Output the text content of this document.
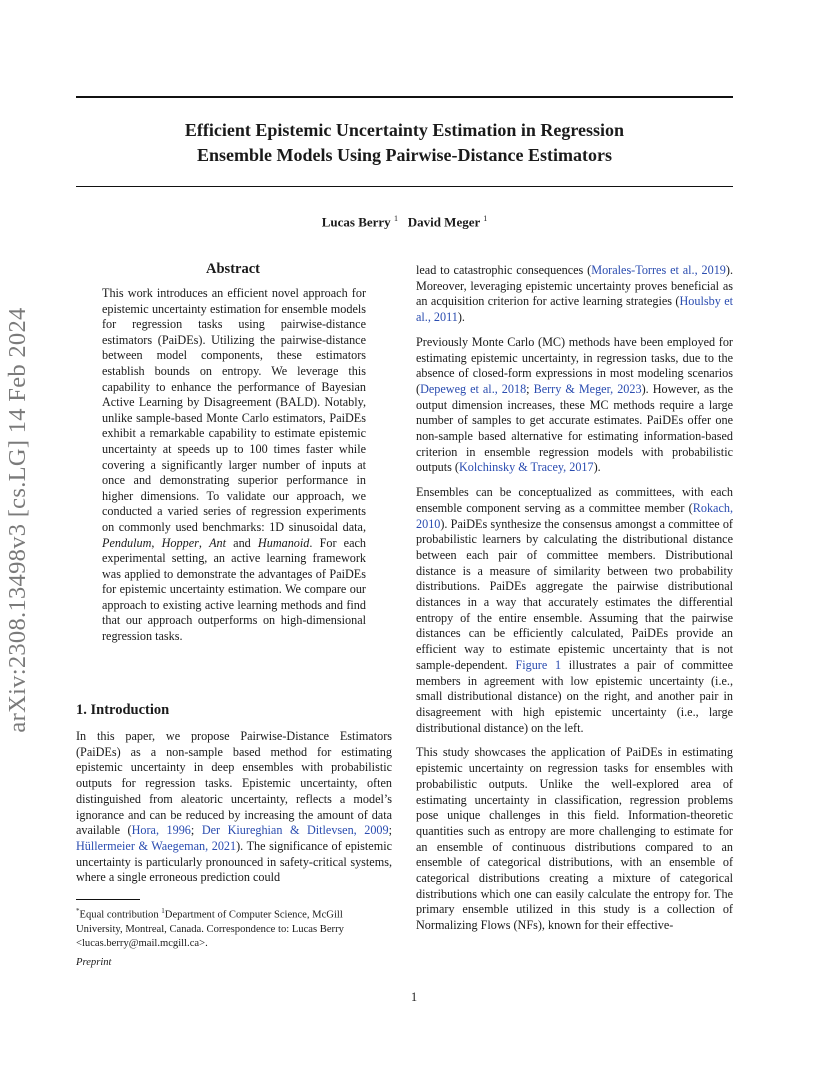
arXiv:2308.13498v3 [cs.LG] 14 Feb 2024
Efficient Epistemic Uncertainty Estimation in Regression
Ensemble Models Using Pairwise-Distance Estimators
Lucas Berry $^1$ David Meger $^1$
Abstract
This work introduces an efficient novel approach for epistemic uncertainty estimation for ensemble models for regression tasks using pairwise-distance estimators (PaiDEs). Utilizing the pairwise-distance between model components, these estimators establish bounds on entropy. We leverage this capability to enhance the performance of Bayesian Active Learning by Disagreement (BALD). Notably, unlike sample-based Monte Carlo estimators, PaiDEs exhibit a remarkable capability to estimate epistemic uncertainty at speeds up to 100 times faster while covering a significantly larger number of inputs at once and demonstrating superior performance in higher dimensions. To validate our approach, we conducted a varied series of regression experiments on commonly used benchmarks: 1D sinusoidal data, Pendulum, Hopper, Ant and Humanoid. For each experimental setting, an active learning framework was applied to demonstrate the advantages of PaiDEs for epistemic uncertainty estimation. We compare our approach to existing active learning methods and find that our approach outperforms on high-dimensional regression tasks.
1. Introduction
In this paper, we propose Pairwise-Distance Estimators (PaiDEs) as a non-sample based method for estimating epistemic uncertainty in deep ensembles with probabilistic outputs for regression tasks. Epistemic uncertainty, often distinguished from aleatoric uncertainty, reflects a model’s ignorance and can be reduced by increasing the amount of data available (Hora, 1996; Der Kiureghian & Ditlevsen, 2009; Hüllermeier & Waegeman, 2021). The significance of epistemic uncertainty is particularly pronounced in safety-critical systems, where a single erroneous prediction could
*Equal contribution $^1$Department of Computer Science, McGill University, Montreal, Canada. Correspondence to: Lucas Berry <lucas.berry@mail.mcgill.ca>.
Preprint

lead to catastrophic consequences (Morales-Torres et al., 2019). Moreover, leveraging epistemic uncertainty proves beneficial as an acquisition criterion for active learning strategies (Houlsby et al., 2011).

Previously Monte Carlo (MC) methods have been employed for estimating epistemic uncertainty, in regression tasks, due to the absence of closed-form expressions in most modeling scenarios (Depeweg et al., 2018; Berry & Meger, 2023). However, as the output dimension increases, these MC methods require a large number of samples to get accurate estimates. PaiDEs offer one non-sample based alternative for estimating information-based criterion in ensemble regression models with probabilistic outputs (Kolchinsky & Tracey, 2017).

Ensembles can be conceptualized as committees, with each ensemble component serving as a committee member (Rokach, 2010). PaiDEs synthesize the consensus amongst a committee of probabilistic learners by calculating the distributional distance between each pair of committee members. Distributional distance is a measure of similarity between two probability distributions. PaiDEs aggregate the pairwise distributional distances in a way that accurately estimates the differential entropy of the entire ensemble. Assuming that the pairwise distances can be efficiently calculated, PaiDEs provide an efficient way to estimate epistemic uncertainty that is not sample-dependent. Figure 1 illustrates a pair of committee members in agreement with low epistemic uncertainty (i.e., small distributional distance) on the right, and another pair in disagreement with high epistemic uncertainty (i.e., large distributional distance) on the left.

This study showcases the application of PaiDEs in estimating epistemic uncertainty on regression tasks for ensembles with probabilistic outputs. Unlike the well-explored area of estimating uncertainty in classification, regression problems pose unique challenges in this field. Information-theoretic quantities such as entropy are more challenging to estimate for an ensemble of continuous distributions compared to an ensemble of categorical distributions, with an ensemble of categorical distributions creating a mixture of categorical distributions which one can easily calculate the entropy for. The primary ensemble utilized in this study is a collection of Normalizing Flows (NFs), known for their effective-

1
